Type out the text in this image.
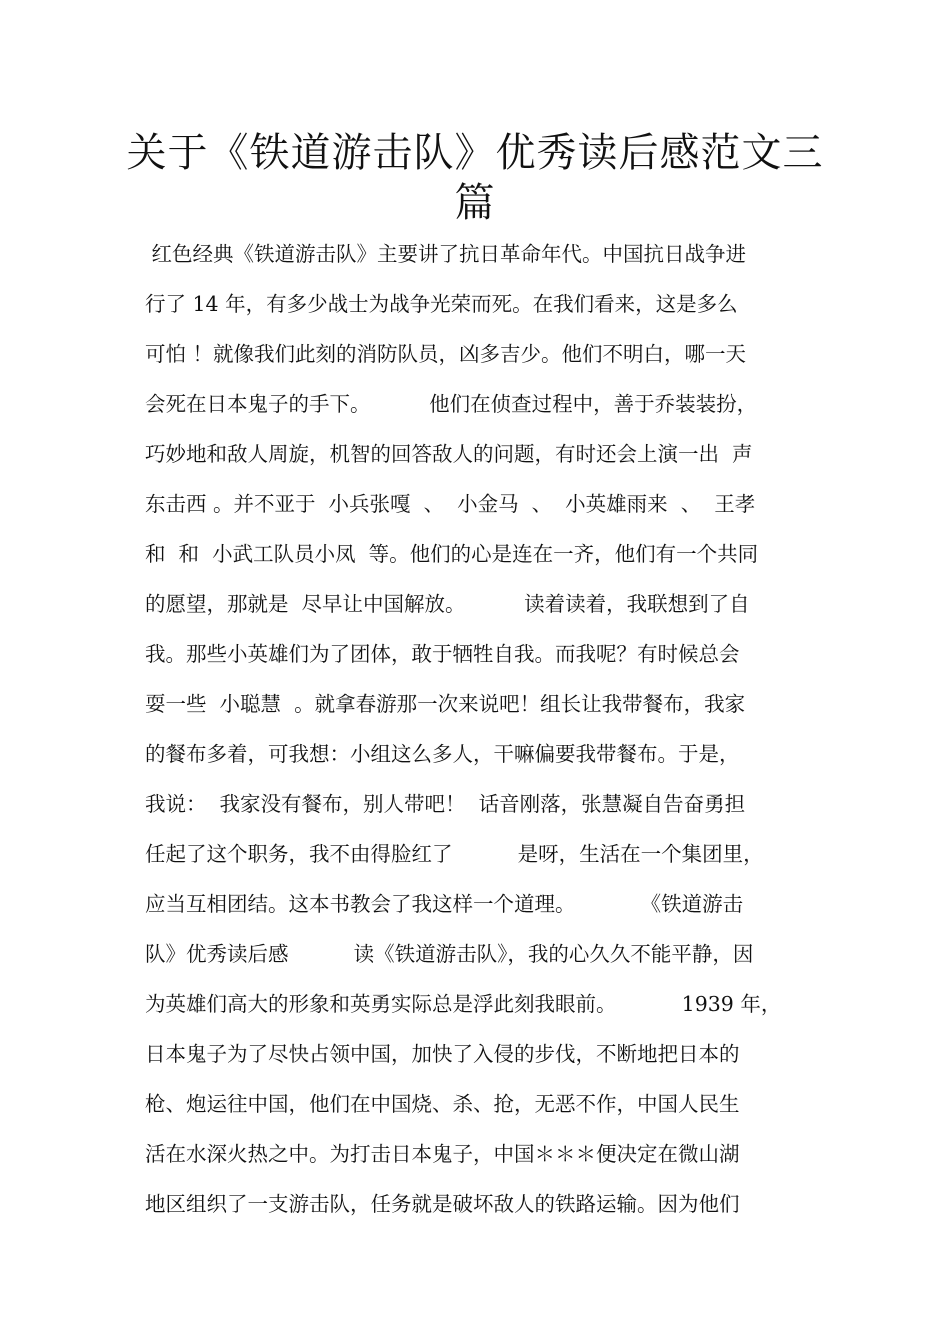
关于《铁道游击队》优秀读后感范文三
篇
红色经典《铁道游击队》主要讲了抗日革命年代。中国抗日战争进
行了 14 年，有多少战士为战争光荣而死。在我们看来，这是多么
可怕 ！就像我们此刻的消防队员，凶多吉少。他们不明白，哪一天
会死在日本鬼子的手下。         他们在侦查过程中，善于乔装装扮，
巧妙地和敌人周旋，机智的回答敌人的问题，有时还会上演一出  声
东击西 。并不亚于  小兵张嘎  、  小金马  、  小英雄雨来  、  王孝
和  和  小武工队员小凤  等。他们的心是连在一齐，他们有一个共同
的愿望，那就是  尽早让中国解放。         读着读着，我联想到了自
我。那些小英雄们为了团体，敢于牺牲自我。而我呢？有时候总会
耍一些  小聪慧  。就拿春游那一次来说吧！组长让我带餐布，我家
的餐布多着，可我想：小组这么多人，干嘛偏要我带餐布。于是，
我说：  我家没有餐布，别人带吧！  话音刚落，张慧凝自告奋勇担
任起了这个职务，我不由得脸红了          是呀，生活在一个集团里，
应当互相团结。这本书教会了我这样一个道理。          《铁道游击
队》优秀读后感          读《铁道游击队》，我的心久久不能平静，因
为英雄们高大的形象和英勇实际总是浮此刻我眼前。          1939 年，
日本鬼子为了尽快占领中国，加快了入侵的步伐，不断地把日本的
枪、炮运往中国，他们在中国烧、杀、抢，无恶不作，中国人民生
活在水深火热之中。为打击日本鬼子，中国＊＊＊便决定在微山湖
地区组织了一支游击队，任务就是破坏敌人的铁路运输。因为他们
